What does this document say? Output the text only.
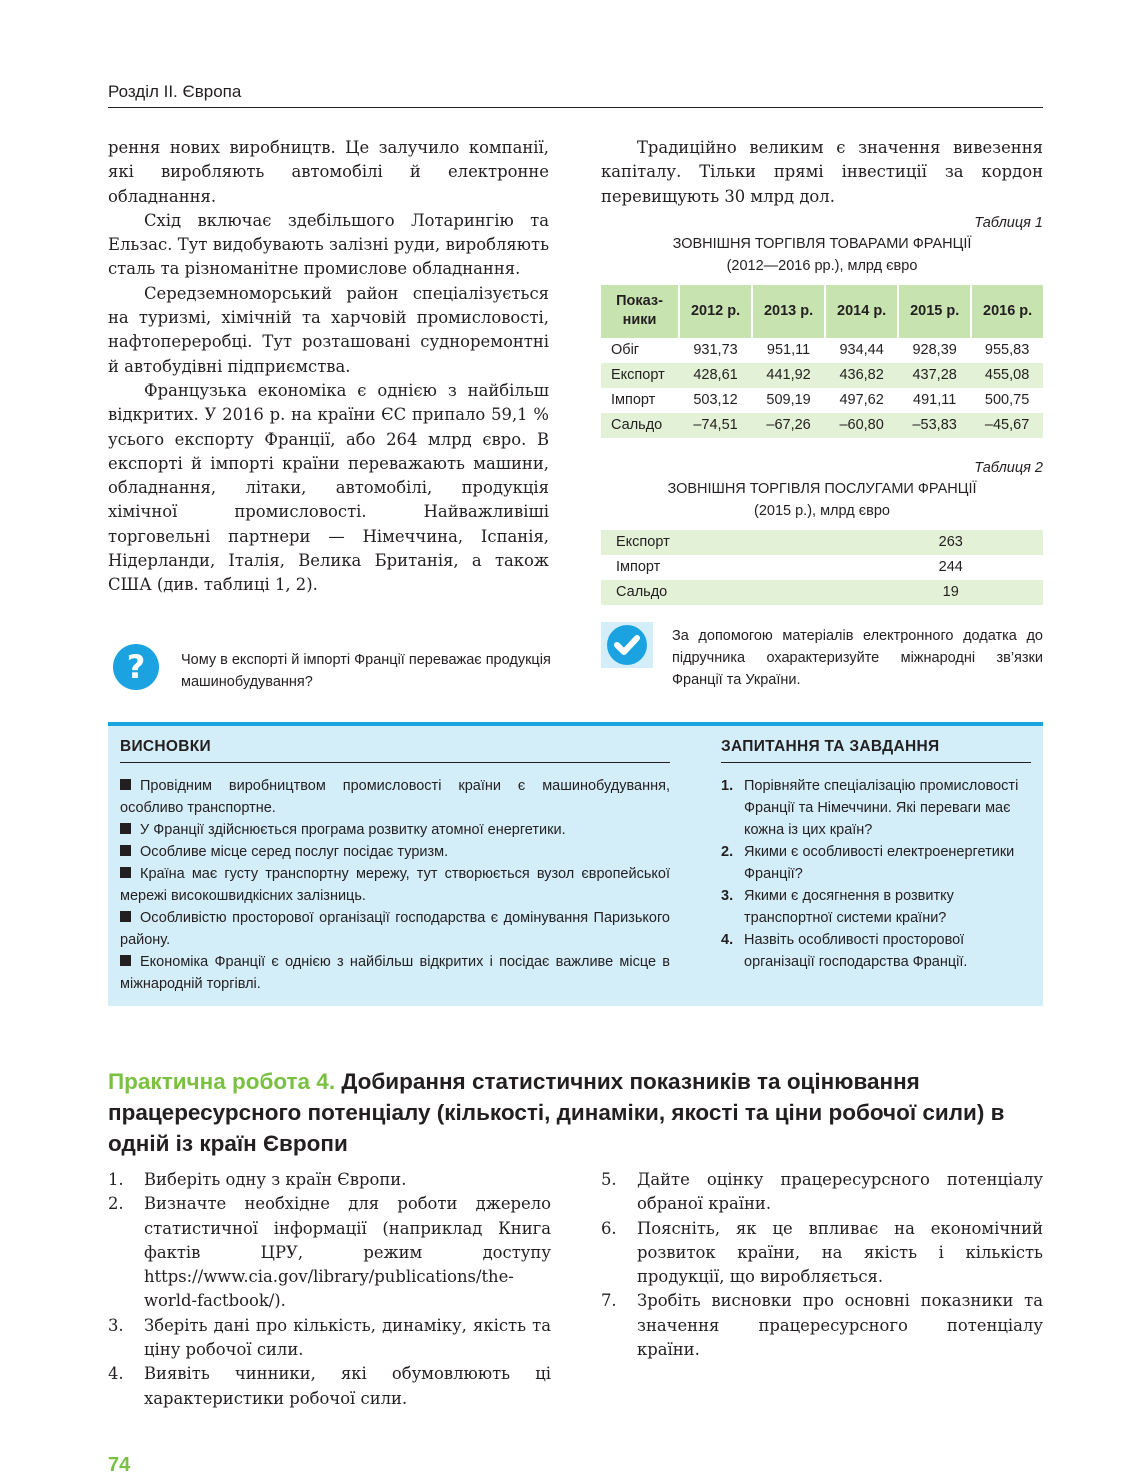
Розділ ІІ. Європа

рення нових виробництв. Це залучило компанії, які виробляють автомобілі й електронне обладнання.

Схід включає здебільшого Лотарингію та Ельзас. Тут видобувають залізні руди, виробляють сталь та різноманітне промислове обладнання.

Середземноморський район спеціалізується на туризмі, хімічній та харчовій промисловості, нафтопереробці. Тут розташовані судноремонтні й автобудівні підприємства.

Французька економіка є однією з найбільш відкритих. У 2016 р. на країни ЄС припало 59,1 % усього експорту Франції, або 264 млрд євро. В експорті й імпорті країни переважають машини, обладнання, літаки, автомобілі, продукція хімічної промисловості. Найважливіші торговельні партнери — Німеччина, Іспанія, Нідерланди, Італія, Велика Британія, а також США (див. таблиці 1, 2).

? Чому в експорті й імпорті Франції переважає продукція машинобудування?

Традиційно великим є значення вивезення капіталу. Тільки прямі інвестиції за кордон перевищують 30 млрд дол.

Таблиця 1
ЗОВНІШНЯ ТОРГІВЛЯ ТОВАРАМИ ФРАНЦІЇ
(2012—2016 рр.), млрд євро
Показ-
ники	2012 р.	2013 р.	2014 р.	2015 р.	2016 р.
Обіг	931,73	951,11	934,44	928,39	955,83
Експорт	428,61	441,92	436,82	437,28	455,08
Імпорт	503,12	509,19	497,62	491,11	500,75
Сальдо	–74,51	–67,26	–60,80	–53,83	–45,67
Таблиця 2
ЗОВНІШНЯ ТОРГІВЛЯ ПОСЛУГАМИ ФРАНЦІЇ
(2015 р.), млрд євро
Експорт	263
Імпорт	244
Сальдо	19
За допомогою матеріалів електронного додатка до підручника охарактеризуйте міжнародні зв’язки Франції та України.
ВИСНОВКИ
Провідним виробництвом промисловості країни є машинобудування, особливо транспортне.
У Франції здійснюється програма розвитку атомної енергетики.
Особливе місце серед послуг посідає туризм.
Країна має густу транспортну мережу, тут створюється вузол європейської мережі високошвидкісних залізниць.
Особливістю просторової організації господарства є домінування Паризького району.
Економіка Франції є однією з найбільш відкритих і посідає важливе місце в міжнародній торгівлі.
ЗАПИТАННЯ ТА ЗАВДАННЯ
1. Порівняйте спеціалізацію промисловості Франції та Німеччини. Які переваги має кожна із цих країн?
2. Якими є особливості електроенергетики Франції?
3. Якими є досягнення в розвитку транспортної системи країни?
4. Назвіть особливості просторової організації господарства Франції.
Практична робота 4. Добирання статистичних показників та оцінювання працересурсного потенціалу (кількості, динаміки, якості та ціни робочої сили) в одній із країн Європи
1.	Виберіть одну з країн Європи.
2.	Визначте необхідне для роботи джерело статистичної інформації (наприклад Книга фактів ЦРУ, режим доступу https://www.cia.gov/library/publications/the-world-factbook/).
3.	Зберіть дані про кількість, динаміку, якість та ціну робочої сили.
4.	Виявіть чинники, які обумовлюють ці характеристики робочої сили.
5.	Дайте оцінку працересурсного потенціалу обраної країни.
6.	Поясніть, як це впливає на економічний розвиток країни, на якість і кількість продукції, що виробляється.
7.	Зробіть висновки про основні показники та значення працересурсного потенціалу країни.
74
